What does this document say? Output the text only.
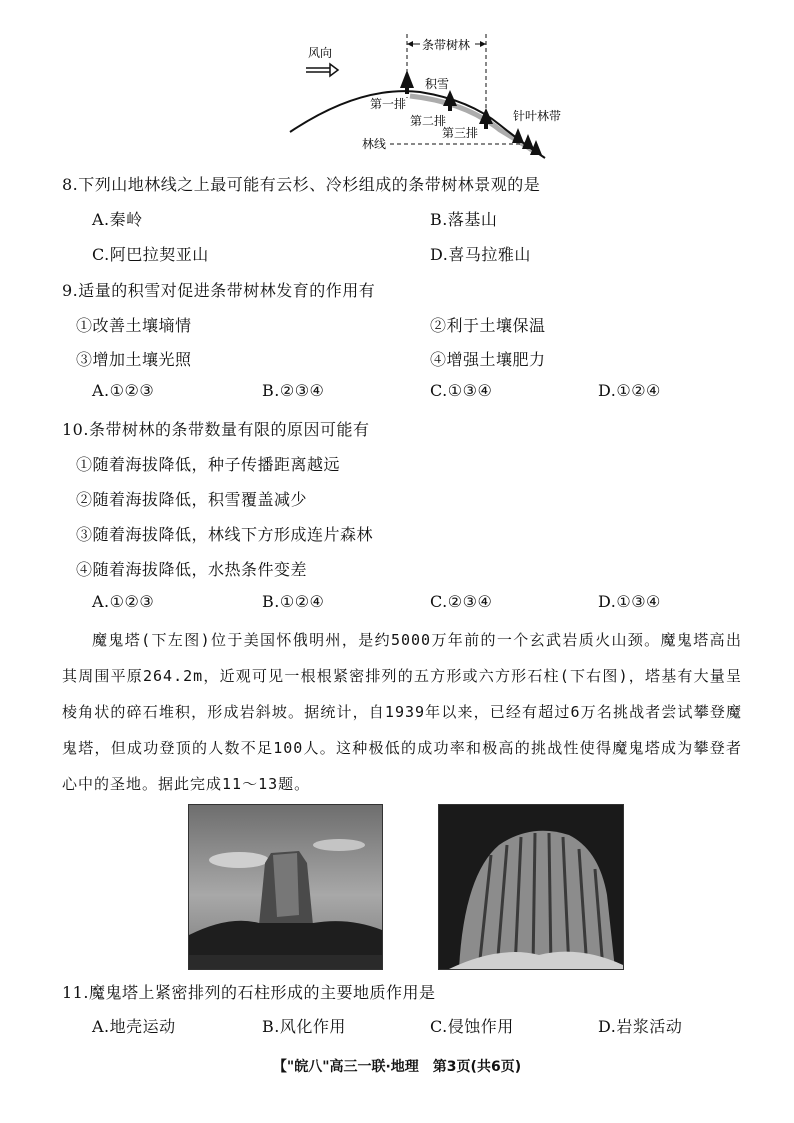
风向
条带树林
积雪
第一排
第二排
第三排
针叶林带
林线
8.下列山地林线之上最可能有云杉、冷杉组成的条带树林景观的是
A.秦岭	B.落基山
C.阿巴拉契亚山	D.喜马拉雅山
9.适量的积雪对促进条带树林发育的作用有
①改善土壤墒情	②利于土壤保温
③增加土壤光照	④增强土壤肥力
A.①②③	B.②③④	C.①③④	D.①②④
10.条带树林的条带数量有限的原因可能有
①随着海拔降低，种子传播距离越远
②随着海拔降低，积雪覆盖减少
③随着海拔降低，林线下方形成连片森林
④随着海拔降低，水热条件变差
A.①②③	B.①②④	C.②③④	D.①③④

魔鬼塔(下左图)位于美国怀俄明州，是约5000万年前的一个玄武岩质火山颈。魔鬼塔高出其周围平原264.2m，近观可见一根根紧密排列的五方形或六方形石柱(下右图)，塔基有大量呈棱角状的碎石堆积，形成岩斜坡。据统计，自1939年以来，已经有超过6万名挑战者尝试攀登魔鬼塔，但成功登顶的人数不足100人。这种极低的成功率和极高的挑战性使得魔鬼塔成为攀登者心中的圣地。据此完成11～13题。

11.魔鬼塔上紧密排列的石柱形成的主要地质作用是
A.地壳运动	B.风化作用	C.侵蚀作用	D.岩浆活动
【"皖八"高三一联·地理　第3页(共6页)
